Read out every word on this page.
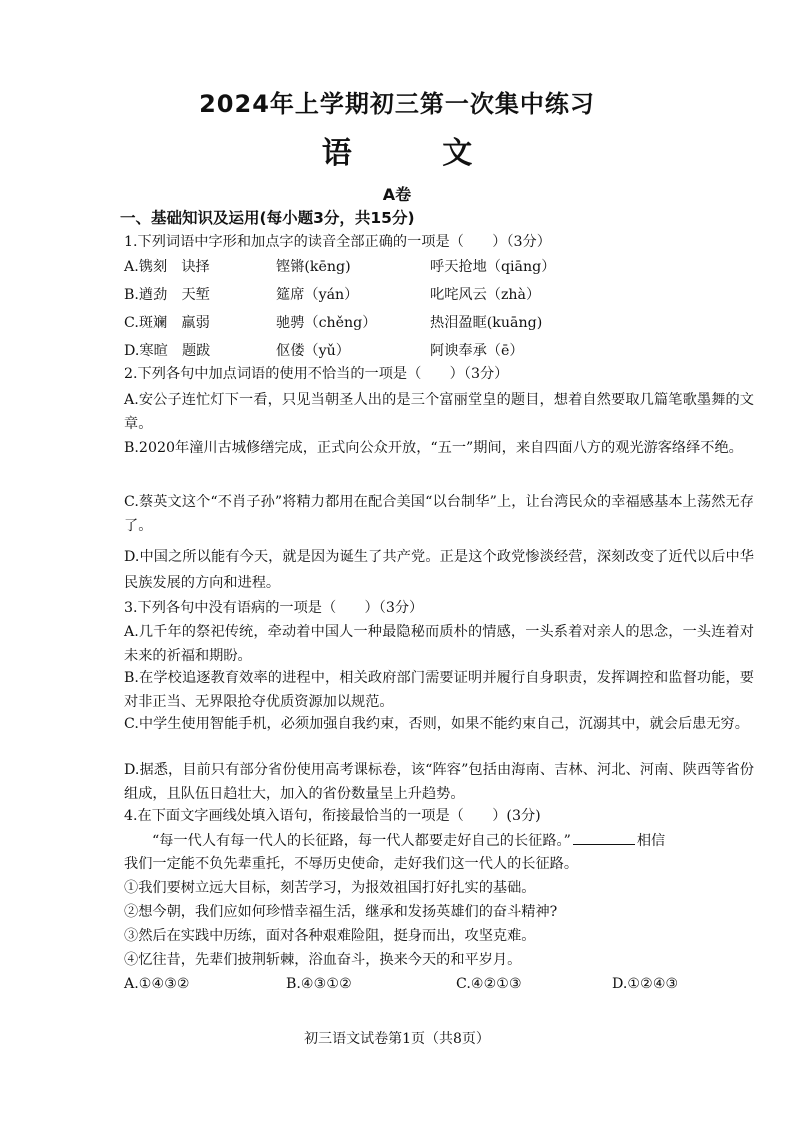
2024年上学期初三第一次集中练习
语 文
A卷
一、基础知识及运用(每小题3分，共15分)
1.下列词语中字形和加点字的读音全部正确的一项是（　　）（3分）
A.镌刻　诀择	铿锵(kēng)	呼天抢地（qiāng）
B.遒劲　天堑	筵席（yán）	叱咤风云（zhà）
C.斑斓　羸弱	驰骋（chěng）	热泪盈眶(kuāng)
D.寒暄　题跋	伛偻（yǔ）	阿谀奉承（ē）
2.下列各句中加点词语的使用不恰当的一项是（　　）（3分）
A.安公子连忙灯下一看，只见当朝圣人出的是三个富丽堂皇的题目，想着自然要取几篇笔歌墨舞的文章。
B.2020年潼川古城修缮完成，正式向公众开放，“五一”期间，来自四面八方的观光游客络绎不绝。
C.蔡英文这个“不肖子孙”将精力都用在配合美国“以台制华”上，让台湾民众的幸福感基本上荡然无存了。
D.中国之所以能有今天，就是因为诞生了共产党。正是这个政党惨淡经营，深刻改变了近代以后中华民族发展的方向和进程。
3.下列各句中没有语病的一项是（　　）（3分）
A.几千年的祭祀传统，牵动着中国人一种最隐秘而质朴的情感，一头系着对亲人的思念，一头连着对未来的祈福和期盼。
B.在学校追逐教育效率的进程中，相关政府部门需要证明并履行自身职责，发挥调控和监督功能，要对非正当、无界限抢夺优质资源加以规范。
C.中学生使用智能手机，必须加强自我约束，否则，如果不能约束自己，沉溺其中，就会后患无穷。
D.据悉，目前只有部分省份使用高考课标卷，该“阵容”包括由海南、吉林、河北、河南、陕西等省份组成，且队伍日趋壮大，加入的省份数量呈上升趋势。
4.在下面文字画线处填入语句，衔接最恰当的一项是（　　）(3分)
“每一代人有每一代人的长征路，每一代人都要走好自己的长征路。”	相信
我们一定能不负先辈重托，不辱历史使命，走好我们这一代人的长征路。
①我们要树立远大目标，刻苦学习，为报效祖国打好扎实的基础。
②想今朝，我们应如何珍惜幸福生活，继承和发扬英雄们的奋斗精神?
③然后在实践中历练，面对各种艰难险阻，挺身而出，攻坚克难。
④忆往昔，先辈们披荆斩棘，浴血奋斗，换来今天的和平岁月。
A.①④③②	B.④③①②	C.④②①③	D.①②④③
初三语文试卷第1页（共8页）
